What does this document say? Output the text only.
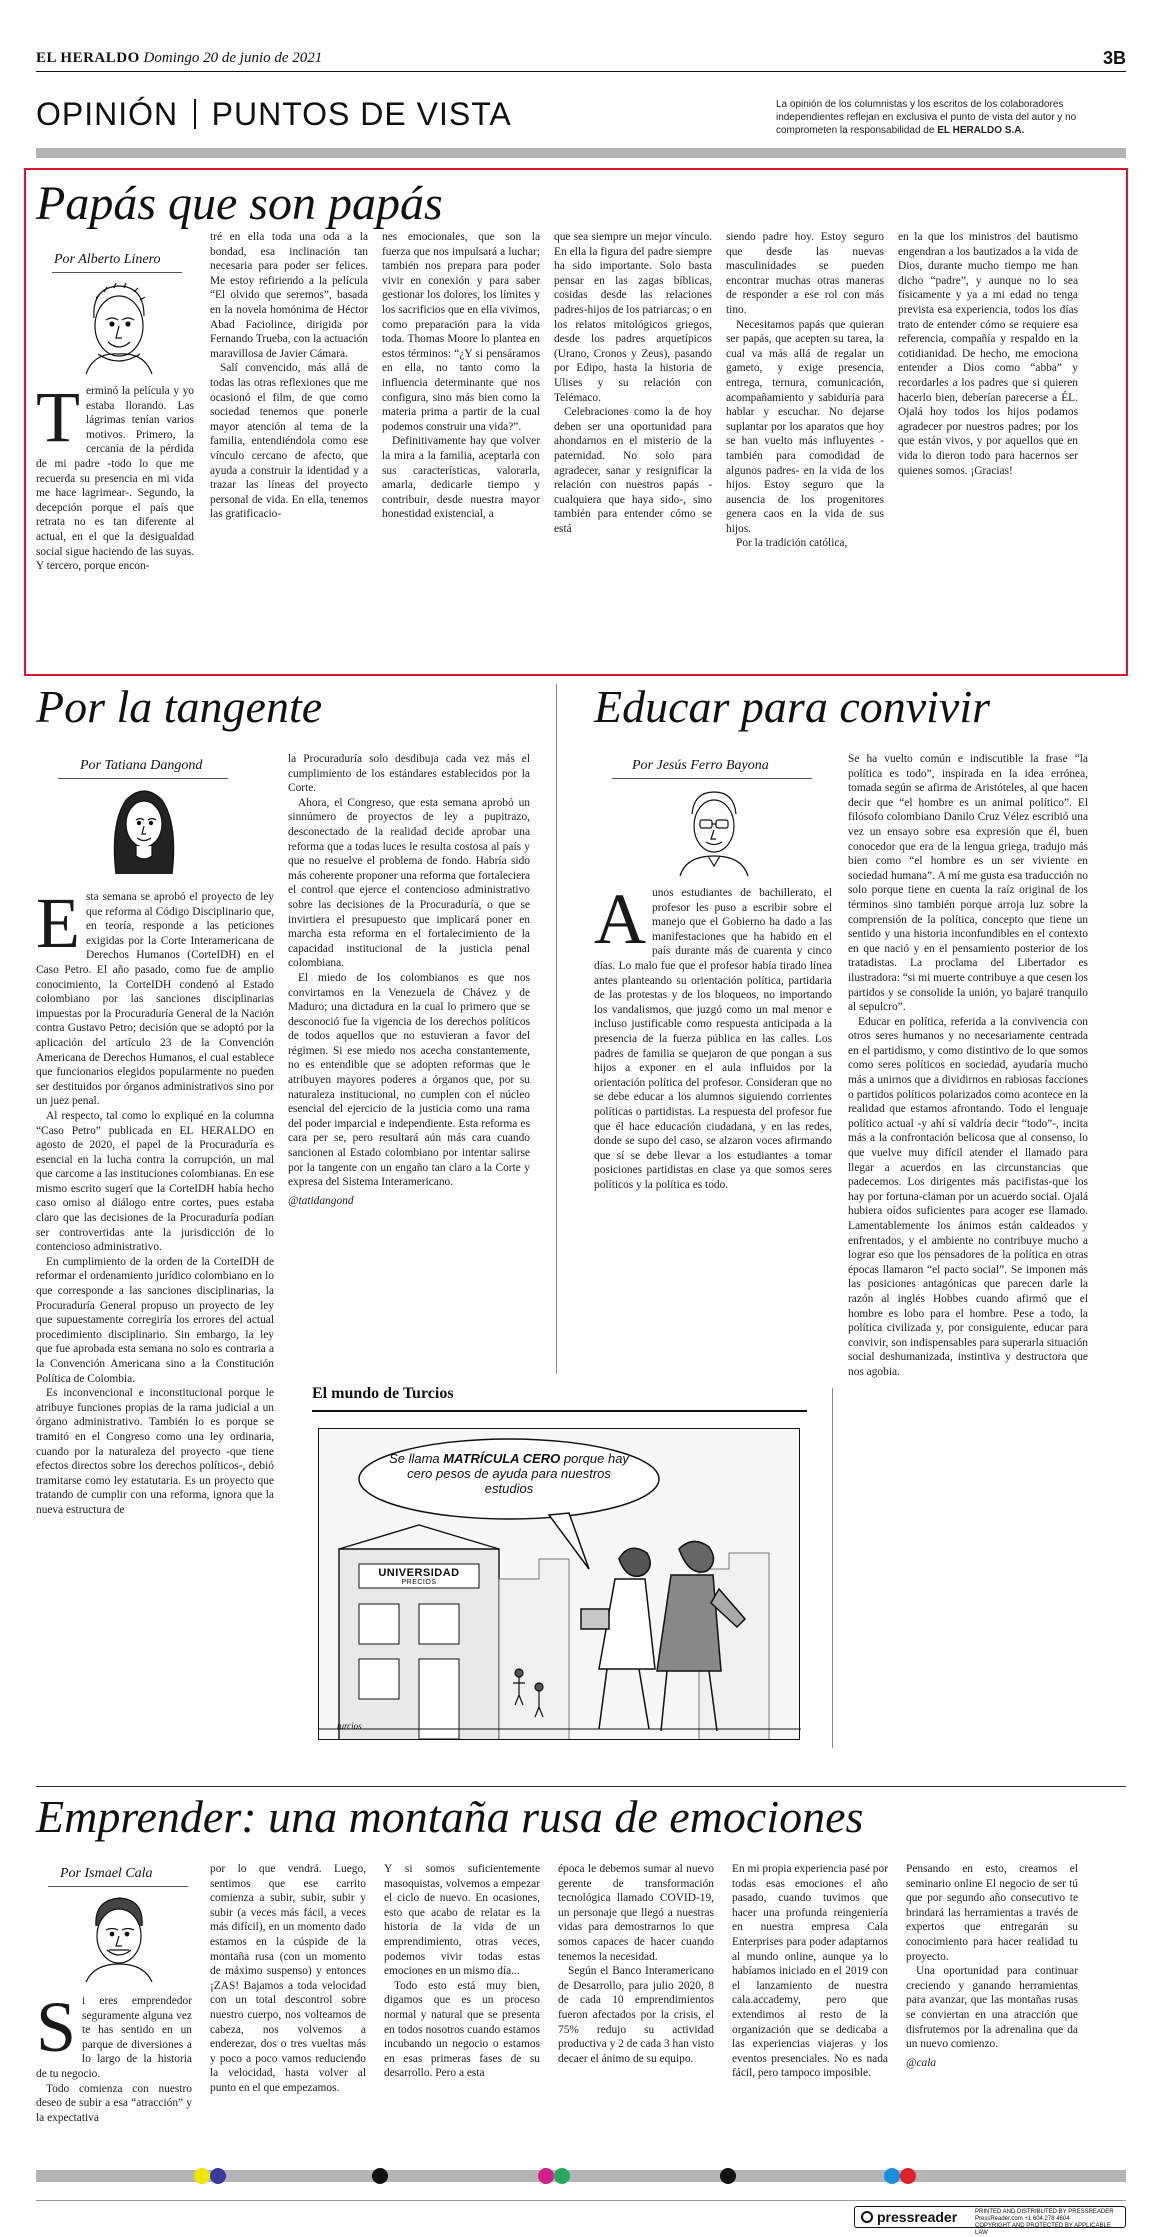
EL HERALDO Domingo 20 de junio de 2021	3B
OPINIÓN PUNTOS DE VISTA	La opinión de los columnistas y los escritos de los colaboradores independientes reflejan en exclusiva el punto de vista del autor y no comprometen la responsabilidad de EL HERALDO S.A.
Papás que son papás
Por Alberto Linero
Terminó la película y yo estaba llorando. Las lágrimas tenían varios motivos. Primero, la cercanía de la pérdida de mi padre -todo lo que me recuerda su presencia en mi vida me hace lagrimear-. Segundo, la decepción porque el país que retrata no es tan diferente al actual, en el que la desigualdad social sigue haciendo de las suyas. Y tercero, porque encon-

tré en ella toda una oda a la bondad, esa inclinación tan necesaria para poder ser felices. Me estoy refiriendo a la película “El olvido que seremos”, basada en la novela homónima de Héctor Abad Faciolince, dirigida por Fernando Trueba, con la actuación maravillosa de Javier Cámara.

Salí convencido, más allá de todas las otras reflexiones que me ocasionó el film, de que como sociedad tenemos que ponerle mayor atención al tema de la familia, entendiéndola como ese vínculo cercano de afecto, que ayuda a construir la identidad y a trazar las líneas del proyecto personal de vida. En ella, tenemos las gratificacio-

nes emocionales, que son la fuerza que nos impulsará a luchar; también nos prepara para poder vivir en conexión y para saber gestionar los dolores, los límites y los sacrificios que en ella vivimos, como preparación para la vida toda. Thomas Moore lo plantea en estos términos: “¿Y si pensáramos en ella, no tanto como la influencia determinante que nos configura, sino más bien como la materia prima a partir de la cual podemos construir una vida?”.

Definitivamente hay que volver la mira a la familia, aceptarla con sus características, valorarla, amarla, dedicarle tiempo y contribuir, desde nuestra mayor honestidad existencial, a

que sea siempre un mejor vínculo. En ella la figura del padre siempre ha sido importante. Solo basta pensar en las zagas bíblicas, cosidas desde las relaciones padres-hijos de los patriarcas; o en los relatos mitológicos griegos, desde los padres arquetípicos (Urano, Cronos y Zeus), pasando por Edipo, hasta la historia de Ulises y su relación con Telémaco.

Celebraciones como la de hoy deben ser una oportunidad para ahondarnos en el misterio de la paternidad. No solo para agradecer, sanar y resignificar la relación con nuestros papás -cualquiera que haya sido-, sino también para entender cómo se está

siendo padre hoy. Estoy seguro que desde las nuevas masculinidades se pueden encontrar muchas otras maneras de responder a ese rol con más tino.

Necesitamos papás que quieran ser papás, que acepten su tarea, la cual va más allá de regalar un gameto, y exige presencia, entrega, ternura, comunicación, acompañamiento y sabiduría para hablar y escuchar. No dejarse suplantar por los aparatos que hoy se han vuelto más influyentes -también para comodidad de algunos padres- en la vida de los hijos. Estoy seguro que la ausencia de los progenitores genera caos en la vida de sus hijos.

Por la tradición católica,

en la que los ministros del bautismo engendran a los bautizados a la vida de Dios, durante mucho tiempo me han dicho “padre”, y aunque no lo sea físicamente y ya a mi edad no tenga prevista esa experiencia, todos los días trato de entender cómo se requiere esa referencia, compañía y respaldo en la cotidianidad. De hecho, me emociona entender a Dios como “abba” y recordarles a los padres que si quieren hacerlo bien, deberían parecerse a ÉL. Ojalá hoy todos los hijos podamos agradecer por nuestros padres; por los que están vivos, y por aquellos que en vida lo dieron todo para hacernos ser quienes somos. ¡Gracias!

Por la tangente
Por Tatiana Dangond

Esta semana se aprobó el proyecto de ley que reforma al Código Disciplinario que, en teoría, responde a las peticiones exigidas por la Corte Interamericana de Derechos Humanos (CorteIDH) en el Caso Petro. El año pasado, como fue de amplio conocimiento, la CorteIDH condenó al Estado colombiano por las sanciones disciplinarias impuestas por la Procuraduría General de la Nación contra Gustavo Petro; decisión que se adoptó por la aplicación del artículo 23 de la Convención Americana de Derechos Humanos, el cual establece que funcionarios elegidos popularmente no pueden ser destituidos por órganos administrativos sino por un juez penal.

Al respecto, tal como lo expliqué en la columna “Caso Petro” publicada en EL HERALDO en agosto de 2020, el papel de la Procuraduría es esencial en la lucha contra la corrupción, un mal que carcome a las instituciones colombianas. En ese mismo escrito sugerí que la CorteIDH había hecho caso omiso al diálogo entre cortes, pues estaba claro que las decisiones de la Procuraduría podían ser controvertidas ante la jurisdicción de lo contencioso administrativo.

En cumplimiento de la orden de la CorteIDH de reformar el ordenamiento jurídico colombiano en lo que corresponde a las sanciones disciplinarias, la Procuraduría General propuso un proyecto de ley que supuestamente corregiría los errores del actual procedimiento disciplinario. Sin embargo, la ley que fue aprobada esta semana no solo es contraria a la Convención Americana sino a la Constitución Política de Colombia.

Es inconvencional e inconstitucional porque le atribuye funciones propias de la rama judicial a un órgano administrativo. También lo es porque se tramitó en el Congreso como una ley ordinaria, cuando por la naturaleza del proyecto -que tiene efectos directos sobre los derechos políticos-, debió tramitarse como ley estatutaria. Es un proyecto que tratando de cumplir con una reforma, ignora que la nueva estructura de

la Procuraduría solo desdibuja cada vez más el cumplimiento de los estándares establecidos por la Corte.

Ahora, el Congreso, que esta semana aprobó un sinnúmero de proyectos de ley a pupitrazo, desconectado de la realidad decide aprobar una reforma que a todas luces le resulta costosa al país y que no resuelve el problema de fondo. Habría sido más coherente proponer una reforma que fortaleciera el control que ejerce el contencioso administrativo sobre las decisiones de la Procuraduría, o que se invirtiera el presupuesto que implicará poner en marcha esta reforma en el fortalecimiento de la capacidad institucional de la justicia penal colombiana.

El miedo de los colombianos es que nos convirtamos en la Venezuela de Chávez y de Maduro; una dictadura en la cual lo primero que se desconoció fue la vigencia de los derechos políticos de todos aquellos que no estuvieran a favor del régimen. Si ese miedo nos acecha constantemente, no es entendible que se adopten reformas que le atribuyen mayores poderes a órganos que, por su naturaleza institucional, no cumplen con el núcleo esencial del ejercicio de la justicia como una rama del poder imparcial e independiente. Esta reforma es cara per se, pero resultará aún más cara cuando sancionen al Estado colombiano por intentar salirse por la tangente con un engaño tan claro a la Corte y expresa del Sistema Interamericano.

@tatidangond

Educar para convivir
Por Jesús Ferro Bayona
Aunos estudiantes de bachillerato, el profesor les puso a escribir sobre el manejo que el Gobierno ha dado a las manifestaciones que ha habido en el país durante más de cuarenta y cinco días. Lo malo fue que el profesor había tirado línea antes planteando su orientación política, partidaria de las protestas y de los bloqueos, no importando los vandalismos, que juzgó como un mal menor e incluso justificable como respuesta anticipada a la presencia de la fuerza pública en las calles. Los padres de familia se quejaron de que pongan a sus hijos a exponer en el aula influidos por la orientación política del profesor. Consideran que no se debe educar a los alumnos siguiendo corrientes políticas o partidistas. La respuesta del profesor fue que él hace educación ciudadana, y en las redes, donde se supo del caso, se alzaron voces afirmando que sí se debe llevar a los estudiantes a tomar posiciones partidistas en clase ya que somos seres políticos y la política es todo.

Se ha vuelto común e indiscutible la frase “la política es todo”, inspirada en la idea errónea, tomada según se afirma de Aristóteles, al que hacen decir que “el hombre es un animal político”. El filósofo colombiano Danilo Cruz Vélez escribió una vez un ensayo sobre esa expresión que él, buen conocedor que era de la lengua griega, tradujo más bien como “el hombre es un ser viviente en sociedad humana”. A mí me gusta esa traducción no solo porque tiene en cuenta la raíz original de los términos sino también porque arroja luz sobre la comprensión de la política, concepto que tiene un sentido y una historia inconfundibles en el contexto en que nació y en el pensamiento posterior de los tratadistas. La proclama del Libertador es ilustradora: “si mi muerte contribuye a que cesen los partidos y se consolide la unión, yo bajaré tranquilo al sepulcro”.

Educar en política, referida a la convivencia con otros seres humanos y no necesariamente centrada en el partidismo, y como distintivo de lo que somos como seres políticos en sociedad, ayudaría mucho más a unirnos que a dividirnos en rabiosas facciones o partidos políticos polarizados como acontece en la realidad que estamos afrontando. Todo el lenguaje político actual -y ahí sí valdría decir “todo”-, incita más a la confrontación belicosa que al consenso, lo que vuelve muy difícil atender el llamado para llegar a acuerdos en las circunstancias que padecemos. Los dirigentes más pacifistas-que los hay por fortuna-claman por un acuerdo social. Ojalá hubiera oídos suficientes para acoger ese llamado. Lamentablemente los ánimos están caldeados y enfrentados, y el ambiente no contribuye mucho a lograr eso que los pensadores de la política en otras épocas llamaron “el pacto social”. Se imponen más las posiciones antagónicas que parecen darle la razón al inglés Hobbes cuando afirmó que el hombre es lobo para el hombre. Pese a todo, la política civilizada y, por consiguiente, educar para convivir, son indispensables para superarla situación social deshumanizada, instintiva y destructora que nos agobia.

El mundo de Turcios
Se llama MATRÍCULA CERO porque hay cero pesos de ayuda para nuestros estudios
UNIVERSIDAD
PRECIOS
turcios
Emprender: una montaña rusa de emociones
Por Ismael Cala

Si eres emprendedor seguramente alguna vez te has sentido en un parque de diversiones a lo largo de la historia de tu negocio.

Todo comienza con nuestro deseo de subir a esa “atracción” y la expectativa

por lo que vendrá. Luego, sentimos que ese carrito comienza a subir, subir, subir y subir (a veces más fácil, a veces más difícil), en un momento dado estamos en la cúspide de la montaña rusa (con un momento de máximo suspenso) y entonces ¡ZAS! Bajamos a toda velocidad con un total descontrol sobre nuestro cuerpo, nos volteamos de cabeza, nos volvemos a enderezar, dos o tres vueltas más y poco a poco vamos reduciendo la velocidad, hasta volver al punto en el que empezamos.

Y si somos suficientemente masoquistas, volvemos a empezar el ciclo de nuevo. En ocasiones, esto que acabo de relatar es la historia de la vida de un emprendimiento, otras veces, podemos vivir todas estas emociones en un mismo día...

Todo esto está muy bien, digamos que es un proceso normal y natural que se presenta en todos nosotros cuando estamos incubando un negocio o estamos en esas primeras fases de su desarrollo. Pero a esta

época le debemos sumar al nuevo gerente de transformación tecnológica llamado COVID-19, un personaje que llegó a nuestras vidas para demostrarnos lo que somos capaces de hacer cuando tenemos la necesidad.

Según el Banco Interamericano de Desarrollo, para julio 2020, 8 de cada 10 emprendimientos fueron afectados por la crisis, el 75% redujo su actividad productiva y 2 de cada 3 han visto decaer el ánimo de su equipo.

En mi propia experiencia pasé por todas esas emociones el año pasado, cuando tuvimos que hacer una profunda reingeniería en nuestra empresa Cala Enterprises para poder adaptarnos al mundo online, aunque ya lo habíamos iniciado en el 2019 con el lanzamiento de nuestra cala.accademy, pero que extendimos al resto de la organización que se dedicaba a las experiencias viajeras y los eventos presenciales. No es nada fácil, pero tampoco imposible.

Pensando en esto, creamos el seminario online El negocio de ser tú que por segundo año consecutivo te brindará las herramientas a través de expertos que entregarán su conocimiento para hacer realidad tu proyecto.

Una oportunidad para continuar creciendo y ganando herramientas para avanzar, que las montañas rusas se conviertan en una atracción que disfrutemos por la adrenalina que da un nuevo comienzo.

@cala

pressreader	PRINTED AND DISTRIBUTED BY PRESSREADER
PressReader.com +1 604 278 4604
COPYRIGHT AND PROTECTED BY APPLICABLE LAW
